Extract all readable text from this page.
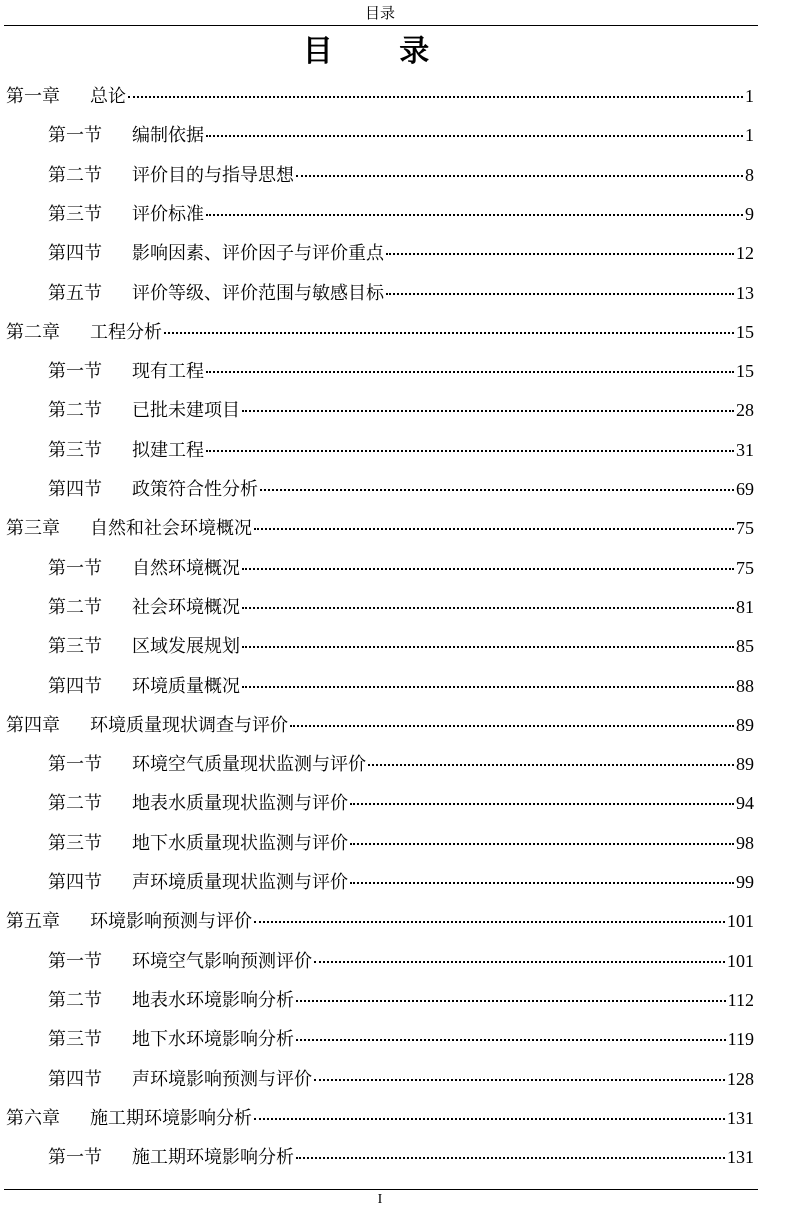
目录
目 录
第一章	总论	1
第一节	编制依据	1
第二节	评价目的与指导思想	8
第三节	评价标准	9
第四节	影响因素、评价因子与评价重点	12
第五节	评价等级、评价范围与敏感目标	13
第二章	工程分析	15
第一节	现有工程	15
第二节	已批未建项目	28
第三节	拟建工程	31
第四节	政策符合性分析	69
第三章	自然和社会环境概况	75
第一节	自然环境概况	75
第二节	社会环境概况	81
第三节	区域发展规划	85
第四节	环境质量概况	88
第四章	环境质量现状调查与评价	89
第一节	环境空气质量现状监测与评价	89
第二节	地表水质量现状监测与评价	94
第三节	地下水质量现状监测与评价	98
第四节	声环境质量现状监测与评价	99
第五章	环境影响预测与评价	101
第一节	环境空气影响预测评价	101
第二节	地表水环境影响分析	112
第三节	地下水环境影响分析	119
第四节	声环境影响预测与评价	128
第六章	施工期环境影响分析	131
第一节	施工期环境影响分析	131
I
